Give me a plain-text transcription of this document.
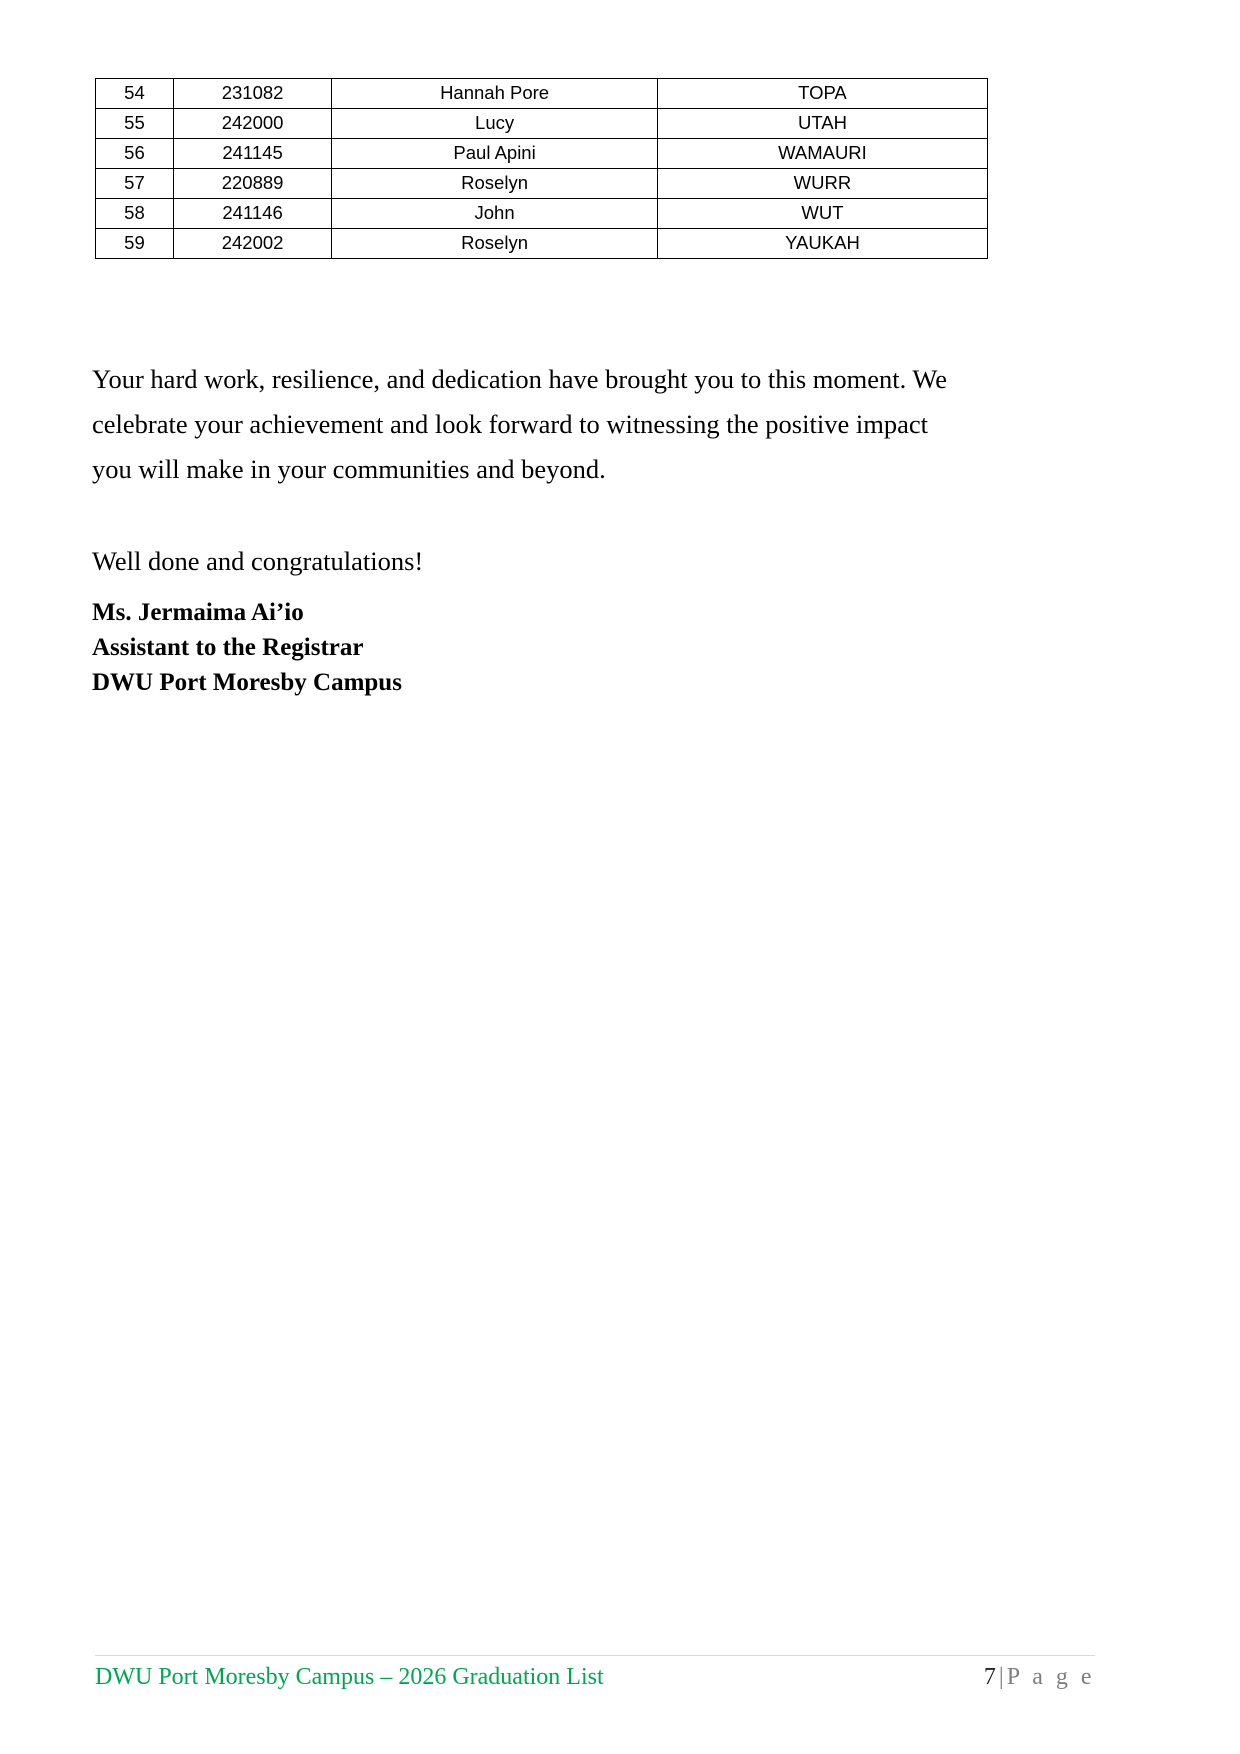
54	231082	Hannah Pore	TOPA
55	242000	Lucy	UTAH
56	241145	Paul Apini	WAMAURI
57	220889	Roselyn	WURR
58	241146	John	WUT
59	242002	Roselyn	YAUKAH

Your hard work, resilience, and dedication have brought you to this moment. We celebrate your achievement and look forward to witnessing the positive impact you will make in your communities and beyond.

Well done and congratulations!

Ms. Jermaima Ai’io
Assistant to the Registrar
DWU Port Moresby Campus
DWU Port Moresby Campus – 2026 Graduation List	7 | P a g e
